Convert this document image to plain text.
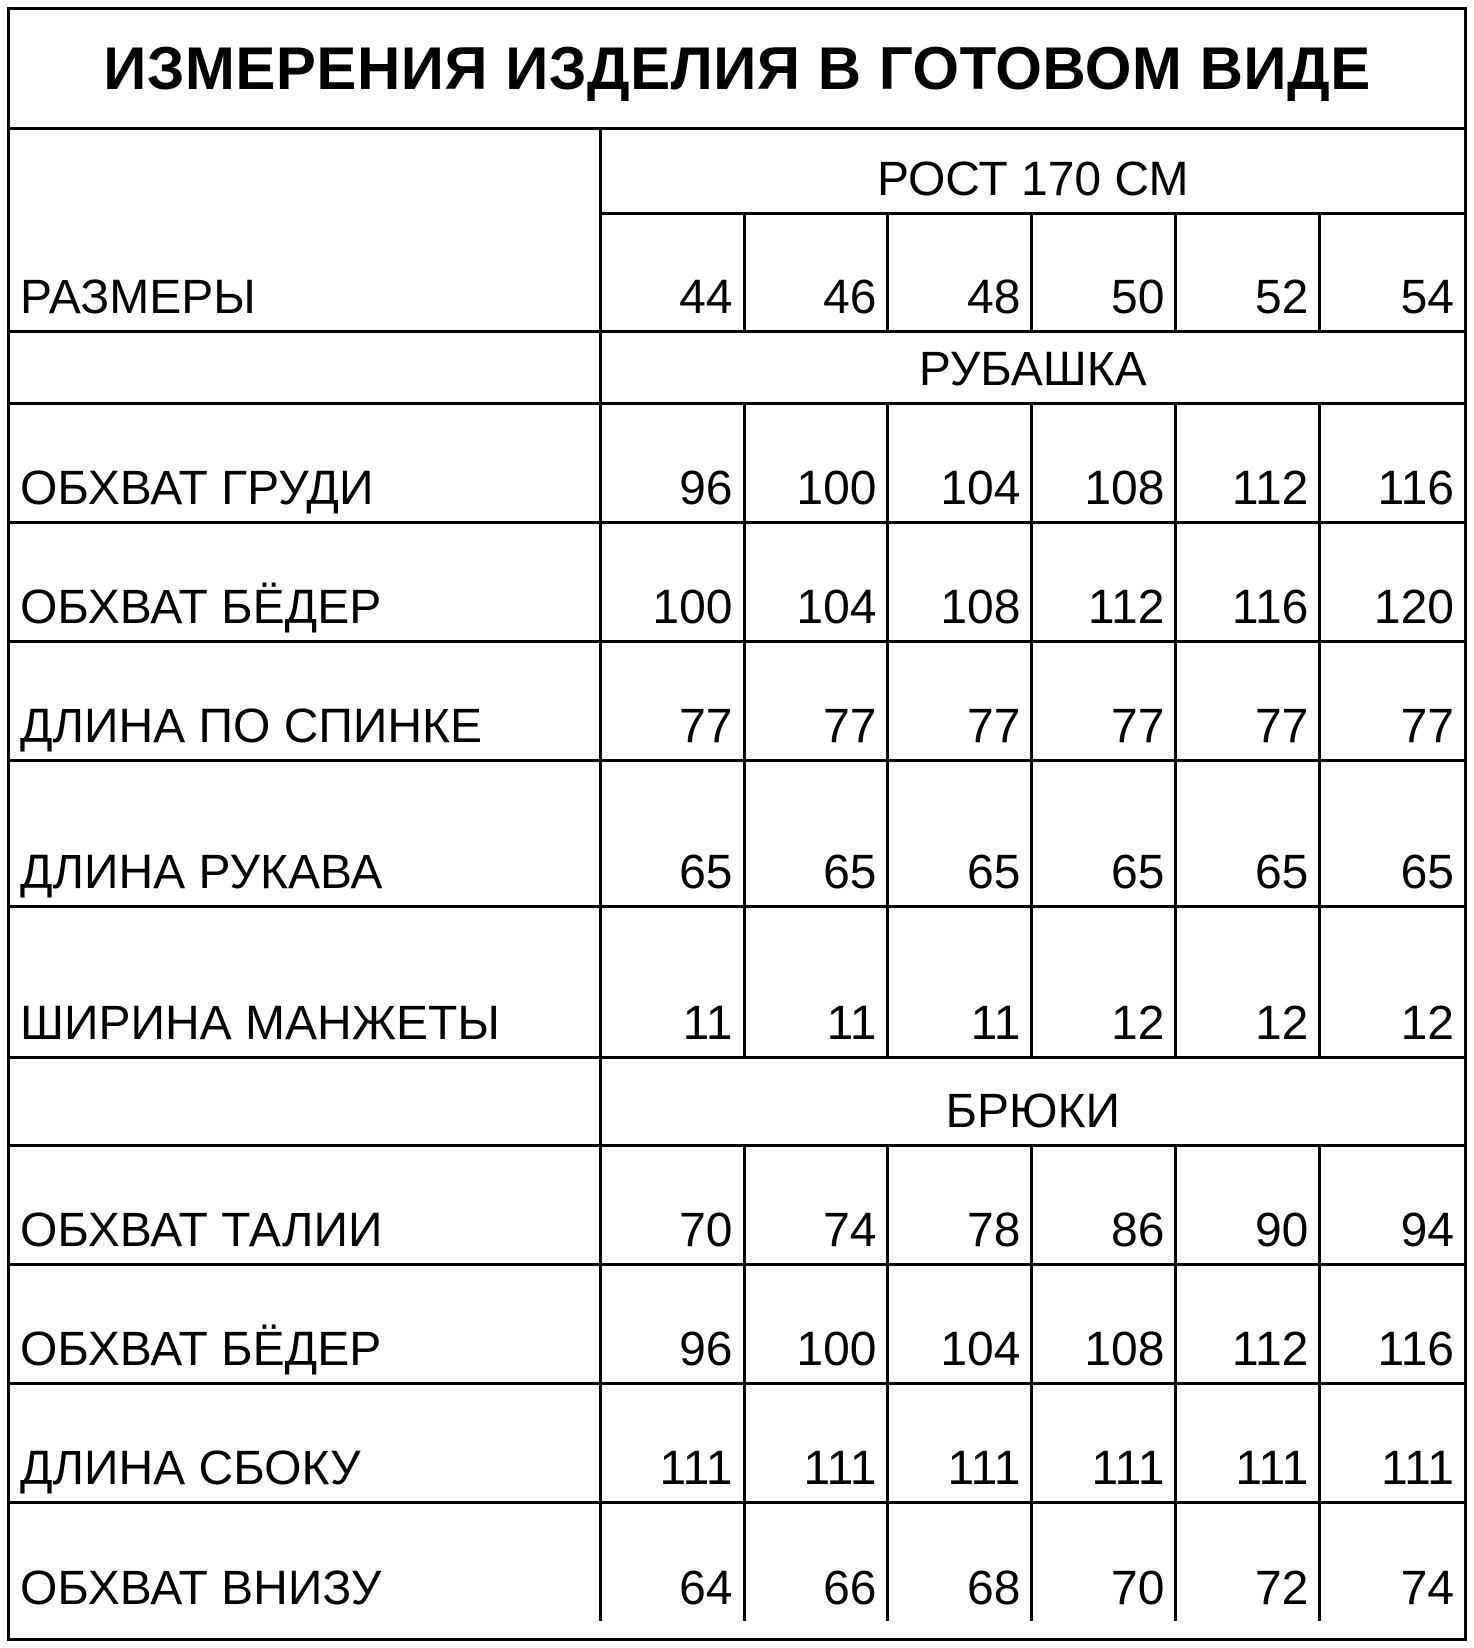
ИЗМЕРЕНИЯ ИЗДЕЛИЯ В ГОТОВОМ ВИДЕ
РАЗМЕРЫ	РОСТ 170 СМ					
	44	46	48	50	52	54
	РУБАШКА					
ОБХВАТ ГРУДИ	96	100	104	108	112	116
ОБХВАТ БЁДЕР	100	104	108	112	116	120
ДЛИНА ПО СПИНКЕ	77	77	77	77	77	77
ДЛИНА РУКАВА	65	65	65	65	65	65
ШИРИНА МАНЖЕТЫ	11	11	11	12	12	12
	БРЮКИ					
ОБХВАТ ТАЛИИ	70	74	78	86	90	94
ОБХВАТ БЁДЕР	96	100	104	108	112	116
ДЛИНА СБОКУ	111	111	111	111	111	111
ОБХВАТ ВНИЗУ	64	66	68	70	72	74
